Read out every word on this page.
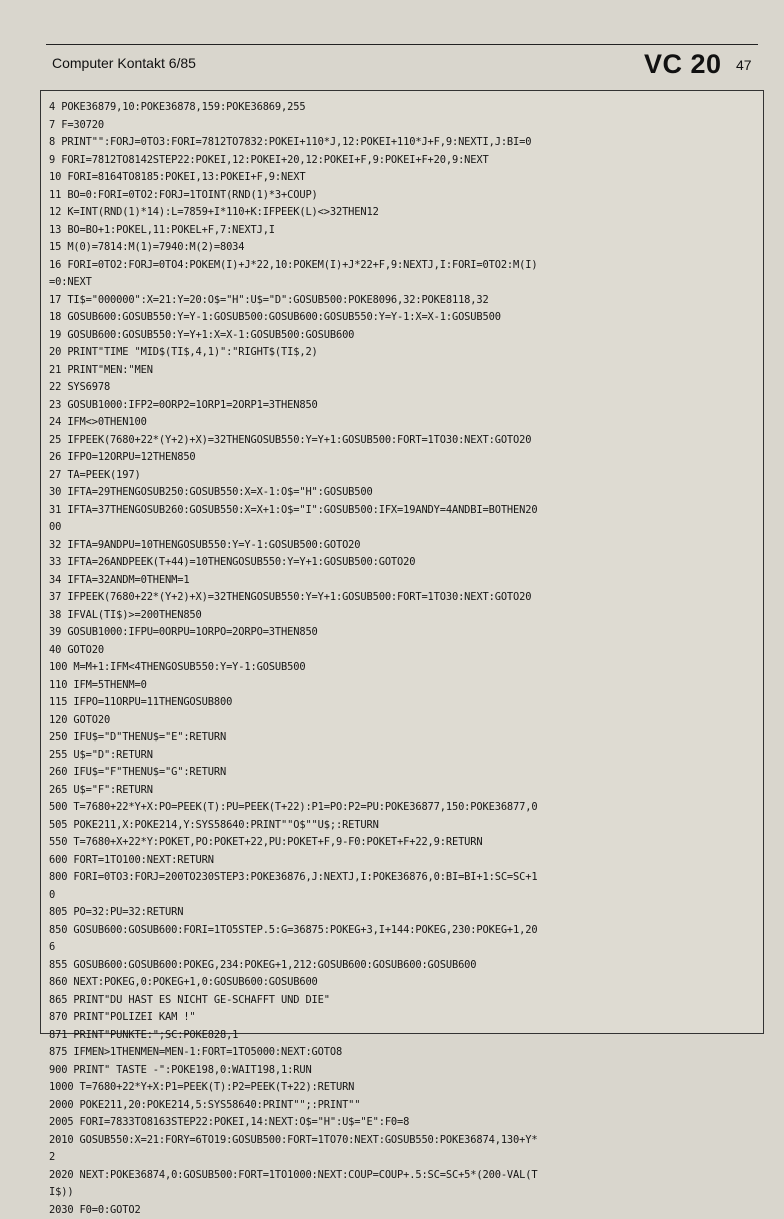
Computer Kontakt 6/85	VC 20 47
4 POKE36879,10:POKE36878,159:POKE36869,255
7 F=30720
8 PRINT"":FORJ=0TO3:FORI=7812TO7832:POKEI+110*J,12:POKEI+110*J+F,9:NEXTI,J:BI=0
9 FORI=7812TO8142STEP22:POKEI,12:POKEI+20,12:POKEI+F,9:POKEI+F+20,9:NEXT
10 FORI=8164TO8185:POKEI,13:POKEI+F,9:NEXT
11 BO=0:FORI=0TO2:FORJ=1TOINT(RND(1)*3+COUP)
12 K=INT(RND(1)*14):L=7859+I*110+K:IFPEEK(L)<>32THEN12
13 BO=BO+1:POKEL,11:POKEL+F,7:NEXTJ,I
15 M(0)=7814:M(1)=7940:M(2)=8034
16 FORI=0TO2:FORJ=0TO4:POKEM(I)+J*22,10:POKEM(I)+J*22+F,9:NEXTJ,I:FORI=0TO2:M(I)
=0:NEXT
17 TI$="000000":X=21:Y=20:O$="H":U$="D":GOSUB500:POKE8096,32:POKE8118,32
18 GOSUB600:GOSUB550:Y=Y-1:GOSUB500:GOSUB600:GOSUB550:Y=Y-1:X=X-1:GOSUB500
19 GOSUB600:GOSUB550:Y=Y+1:X=X-1:GOSUB500:GOSUB600
20 PRINT"TIME "MID$(TI$,4,1)":"RIGHT$(TI$,2)
21 PRINT"MEN:"MEN
22 SYS6978
23 GOSUB1000:IFP2=0ORP2=1ORP1=2ORP1=3THEN850
24 IFM<>0THEN100
25 IFPEEK(7680+22*(Y+2)+X)=32THENGOSUB550:Y=Y+1:GOSUB500:FORT=1TO30:NEXT:GOTO20
26 IFPO=12ORPU=12THEN850
27 TA=PEEK(197)
30 IFTA=29THENGOSUB250:GOSUB550:X=X-1:O$="H":GOSUB500
31 IFTA=37THENGOSUB260:GOSUB550:X=X+1:O$="I":GOSUB500:IFX=19ANDY=4ANDBI=BOTHEN20
00
32 IFTA=9ANDPU=10THENGOSUB550:Y=Y-1:GOSUB500:GOTO20
33 IFTA=26ANDPEEK(T+44)=10THENGOSUB550:Y=Y+1:GOSUB500:GOTO20
34 IFTA=32ANDM=0THENM=1
37 IFPEEK(7680+22*(Y+2)+X)=32THENGOSUB550:Y=Y+1:GOSUB500:FORT=1TO30:NEXT:GOTO20
38 IFVAL(TI$)>=200THEN850
39 GOSUB1000:IFPU=0ORPU=1ORPO=2ORPO=3THEN850
40 GOTO20
100 M=M+1:IFM<4THENGOSUB550:Y=Y-1:GOSUB500
110 IFM=5THENM=0
115 IFPO=11ORPU=11THENGOSUB800
120 GOTO20
250 IFU$="D"THENU$="E":RETURN
255 U$="D":RETURN
260 IFU$="F"THENU$="G":RETURN
265 U$="F":RETURN
500 T=7680+22*Y+X:PO=PEEK(T):PU=PEEK(T+22):P1=PO:P2=PU:POKE36877,150:POKE36877,0
505 POKE211,X:POKE214,Y:SYS58640:PRINT""O$""U$;:RETURN
550 T=7680+X+22*Y:POKET,PO:POKET+22,PU:POKET+F,9-F0:POKET+F+22,9:RETURN
600 FORT=1TO100:NEXT:RETURN
800 FORI=0TO3:FORJ=200TO230STEP3:POKE36876,J:NEXTJ,I:POKE36876,0:BI=BI+1:SC=SC+1
0
805 PO=32:PU=32:RETURN
850 GOSUB600:GOSUB600:FORI=1TO5STEP.5:G=36875:POKEG+3,I+144:POKEG,230:POKEG+1,20
6
855 GOSUB600:GOSUB600:POKEG,234:POKEG+1,212:GOSUB600:GOSUB600:GOSUB600
860 NEXT:POKEG,0:POKEG+1,0:GOSUB600:GOSUB600
865 PRINT"DU HAST ES NICHT GE-SCHAFFT UND DIE"
870 PRINT"POLIZEI KAM !"
871 PRINT"PUNKTE:";SC:POKE828,1
875 IFMEN>1THENMEN=MEN-1:FORT=1TO5000:NEXT:GOTO8
900 PRINT" TASTE -":POKE198,0:WAIT198,1:RUN
1000 T=7680+22*Y+X:P1=PEEK(T):P2=PEEK(T+22):RETURN
2000 POKE211,20:POKE214,5:SYS58640:PRINT"";:PRINT""
2005 FORI=7833TO8163STEP22:POKEI,14:NEXT:O$="H":U$="E":F0=8
2010 GOSUB550:X=21:FORY=6TO19:GOSUB500:FORT=1TO70:NEXT:GOSUB550:POKE36874,130+Y*
2
2020 NEXT:POKE36874,0:GOSUB500:FORT=1TO1000:NEXT:COUP=COUP+.5:SC=SC+5*(200-VAL(T
I$))
2030 F0=0:GOTO2
